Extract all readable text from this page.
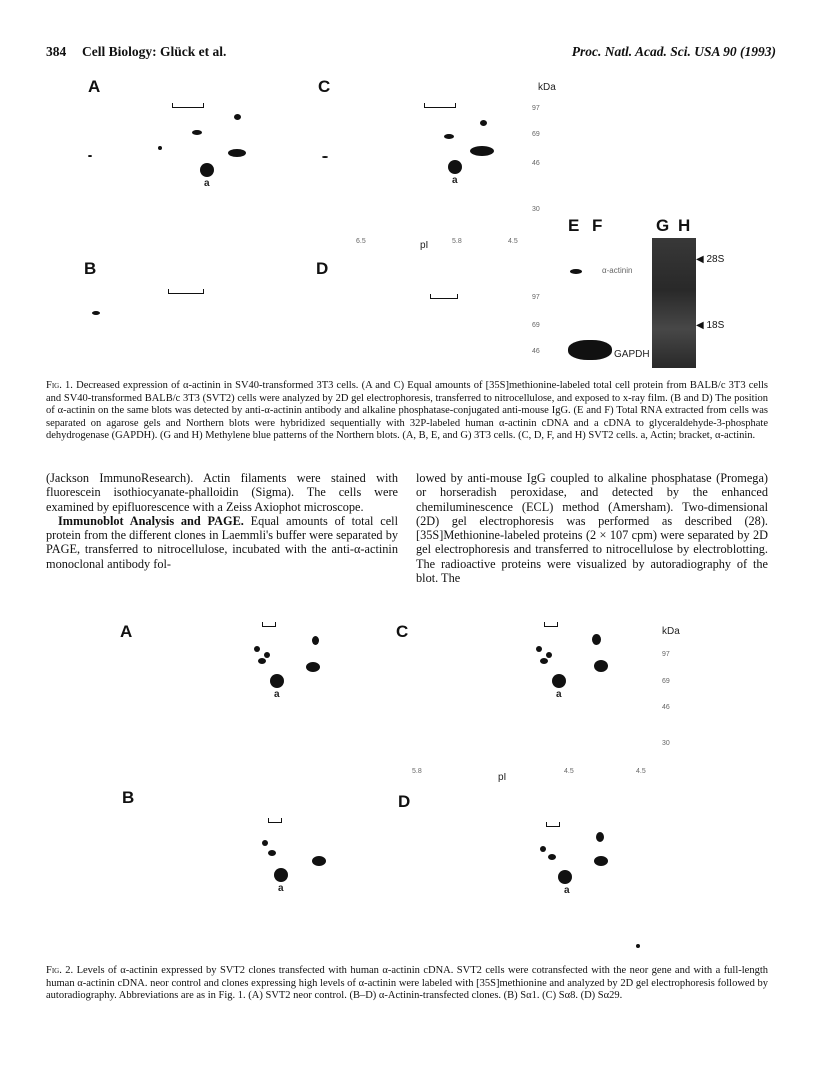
384 Cell Biology: Glück et al.	Proc. Natl. Acad. Sci. USA 90 (1993)
A	C
B	D
E F	G H
kDa
97
69
46
30
pI
6.5	5.8	4.5
97
69
46
a	a
α-actinin
GAPDH
◀ 28S
◀ 18S
Fig. 1. Decreased expression of α-actinin in SV40-transformed 3T3 cells. (A and C) Equal amounts of [35S]methionine-labeled total cell protein from BALB/c 3T3 cells and SV40-transformed BALB/c 3T3 (SVT2) cells were analyzed by 2D gel electrophoresis, transferred to nitrocellulose, and exposed to x-ray film. (B and D) The position of α-actinin on the same blots was detected by anti-α-actinin antibody and alkaline phosphatase-conjugated anti-mouse IgG. (E and F) Total RNA extracted from cells was separated on agarose gels and Northern blots were hybridized sequentially with 32P-labeled human α-actinin cDNA and a cDNA to glyceraldehyde-3-phosphate dehydrogenase (GAPDH). (G and H) Methylene blue patterns of the Northern blots. (A, B, E, and G) 3T3 cells. (C, D, F, and H) SVT2 cells. a, Actin; bracket, α-actinin.

(Jackson ImmunoResearch). Actin filaments were stained with fluorescein isothiocyanate-phalloidin (Sigma). The cells were examined by epifluorescence with a Zeiss Axiophot microscope.

Immunoblot Analysis and PAGE. Equal amounts of total cell protein from the different clones in Laemmli's buffer were separated by PAGE, transferred to nitrocellulose, incubated with the anti-α-actinin monoclonal antibody fol-

lowed by anti-mouse IgG coupled to alkaline phosphatase (Promega) or horseradish peroxidase, and detected by the enhanced chemiluminescence (ECL) method (Amersham). Two-dimensional (2D) gel electrophoresis was performed as described (28). [35S]Methionine-labeled proteins (2 × 107 cpm) were separated by 2D gel electrophoresis and transferred to nitrocellulose by electroblotting. The radioactive proteins were visualized by autoradiography of the blot. The

A	C
B	D
kDa
97
69
46
30
pI
5.8	4.5	4.5
a	a
a	a
Fig. 2. Levels of α-actinin expressed by SVT2 clones transfected with human α-actinin cDNA. SVT2 cells were cotransfected with the neor gene and with a full-length human α-actinin cDNA. neor control and clones expressing high levels of α-actinin were labeled with [35S]methionine and analyzed by 2D gel electrophoresis followed by autoradiography. Abbreviations are as in Fig. 1. (A) SVT2 neor control. (B–D) α-Actinin-transfected clones. (B) Sα1. (C) Sα8. (D) Sα29.
